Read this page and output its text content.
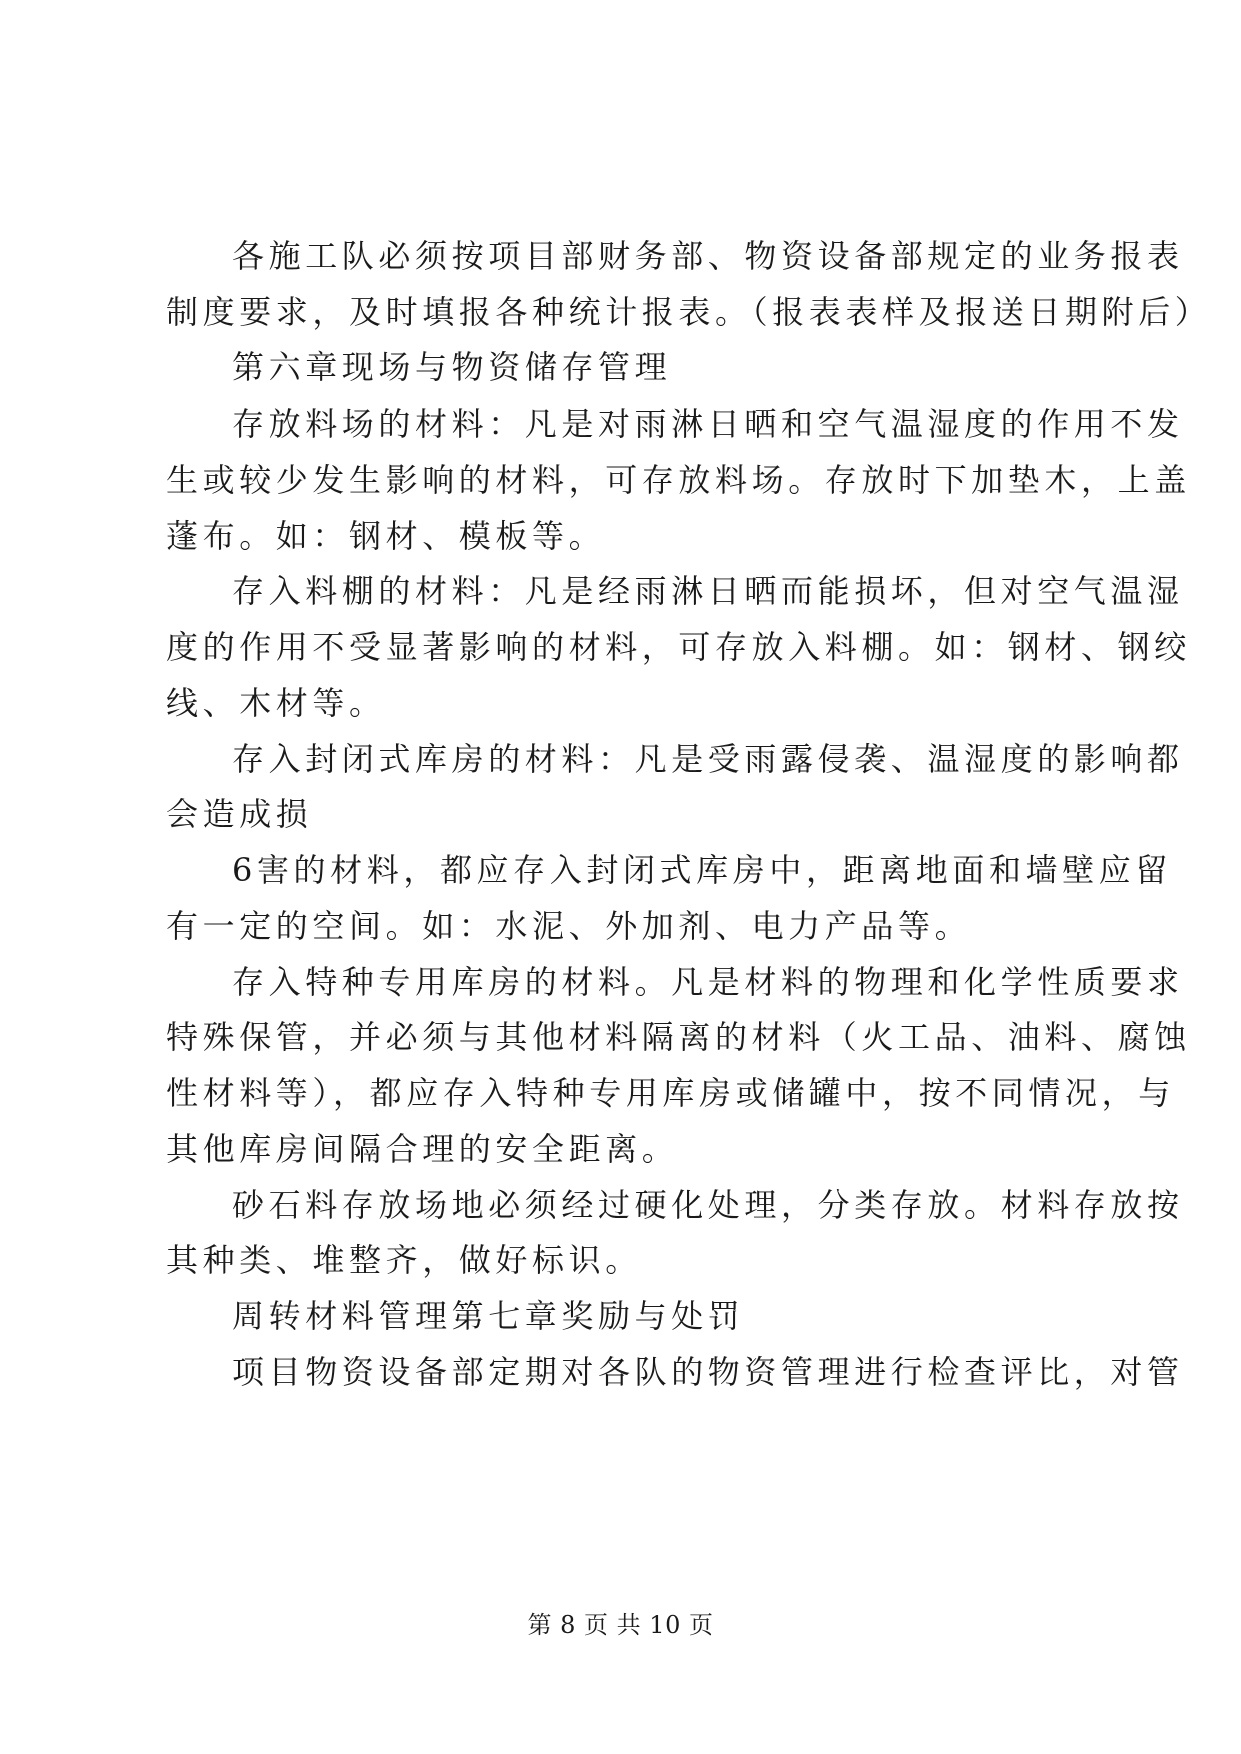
各施工队必须按项目部财务部、物资设备部规定的业务报表
制度要求，及时填报各种统计报表。（报表表样及报送日期附后）
第六章现场与物资储存管理
存放料场的材料：凡是对雨淋日晒和空气温湿度的作用不发
生或较少发生影响的材料，可存放料场。存放时下加垫木，上盖
蓬布。如：钢材、模板等。
存入料棚的材料：凡是经雨淋日晒而能损坏，但对空气温湿
度的作用不受显著影响的材料，可存放入料棚。如：钢材、钢绞
线、木材等。
存入封闭式库房的材料：凡是受雨露侵袭、温湿度的影响都
会造成损
6害的材料，都应存入封闭式库房中，距离地面和墙壁应留
有一定的空间。如：水泥、外加剂、电力产品等。
存入特种专用库房的材料。凡是材料的物理和化学性质要求
特殊保管，并必须与其他材料隔离的材料（火工品、油料、腐蚀
性材料等），都应存入特种专用库房或储罐中，按不同情况，与
其他库房间隔合理的安全距离。
砂石料存放场地必须经过硬化处理，分类存放。材料存放按
其种类、堆整齐，做好标识。
周转材料管理第七章奖励与处罚
项目物资设备部定期对各队的物资管理进行检查评比，对管
第 8 页 共 10 页
